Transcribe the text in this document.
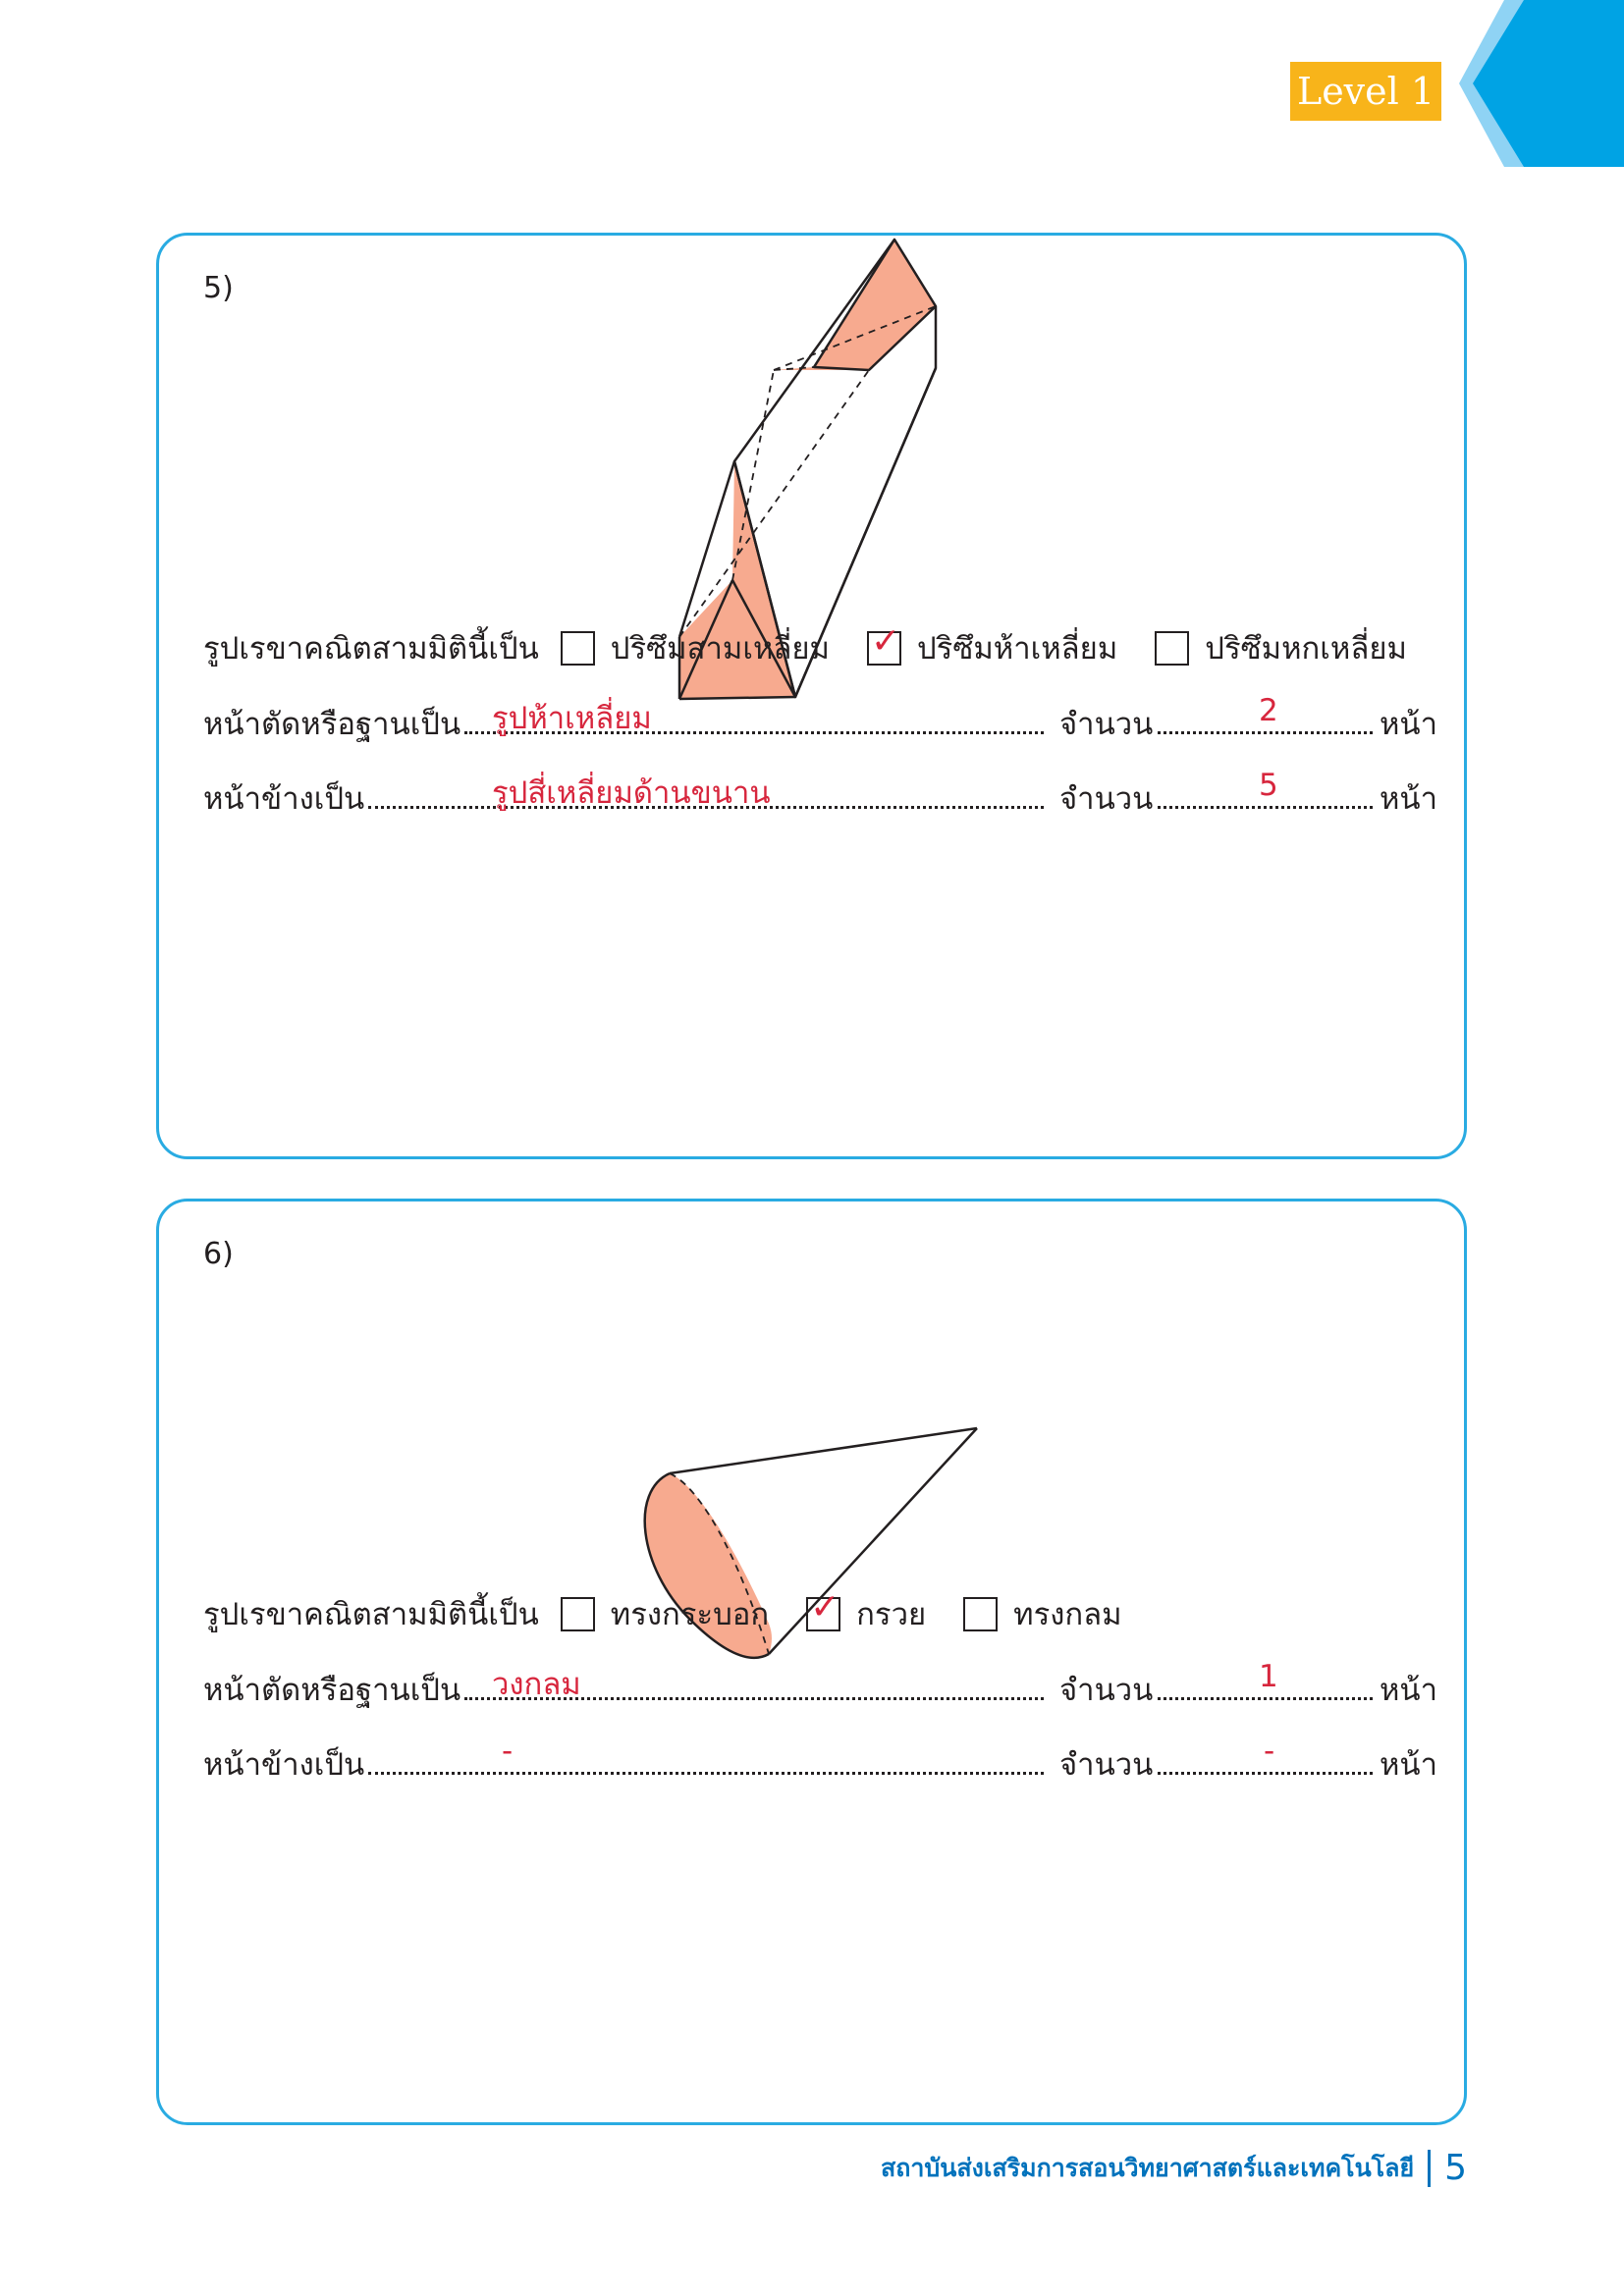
Level 1
5)
รูปเรขาคณิตสามมิตินี้เป็น ปริซึมสามเหลี่ยม ✓ ปริซึมห้าเหลี่ยม	ปริซึมหกเหลี่ยม
หน้าตัดหรือฐานเป็น รูปห้าเหลี่ยม	จำนวน	2	หน้า
หน้าข้างเป็น	รูปสี่เหลี่ยมด้านขนาน	จำนวน	5	หน้า
6)
รูปเรขาคณิตสามมิตินี้เป็น ทรงกระบอก ✓ กรวย	ทรงกลม
หน้าตัดหรือฐานเป็น วงกลม	จำนวน	1	หน้า
หน้าข้างเป็น	-	จำนวน	-	หน้า
สถาบันส่งเสริมการสอนวิทยาศาสตร์และเทคโนโลยี 5
